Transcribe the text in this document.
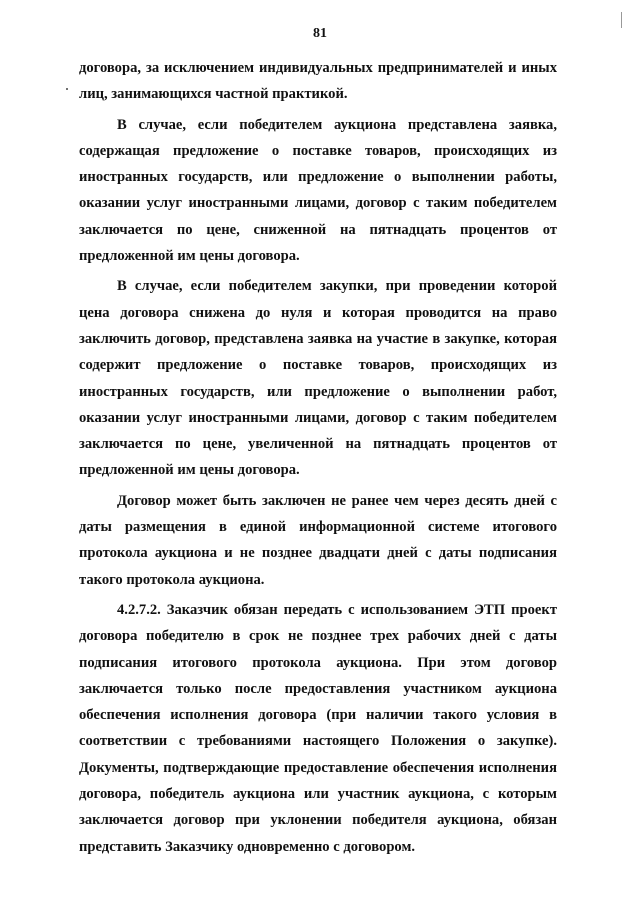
81

договора, за исключением индивидуальных предпринимателей и иных лиц, занимающихся частной практикой.

В случае, если победителем аукциона представлена заявка, содержащая предложение о поставке товаров, происходящих из иностранных государств, или предложение о выполнении работы, оказании услуг иностранными лицами, договор с таким победителем заключается по цене, сниженной на пятнадцать процентов от предложенной им цены договора.

В случае, если победителем закупки, при проведении которой цена договора снижена до нуля и которая проводится на право заключить договор, представлена заявка на участие в закупке, которая содержит предложение о поставке товаров, происходящих из иностранных государств, или предложение о выполнении работ, оказании услуг иностранными лицами, договор с таким победителем заключается по цене, увеличенной на пятнадцать процентов от предложенной им цены договора.

Договор может быть заключен не ранее чем через десять дней с даты размещения в единой информационной системе итогового протокола аукциона и не позднее двадцати дней с даты подписания такого протокола аукциона.

4.2.7.2. Заказчик обязан передать с использованием ЭТП проект договора победителю в срок не позднее трех рабочих дней с даты подписания итогового протокола аукциона. При этом договор заключается только после предоставления участником аукциона обеспечения исполнения договора (при наличии такого условия в соответствии с требованиями настоящего Положения о закупке). Документы, подтверждающие предоставление обеспечения исполнения договора, победитель аукциона или участник аукциона, с которым заключается договор при уклонении победителя аукциона, обязан представить Заказчику одновременно с договором.
